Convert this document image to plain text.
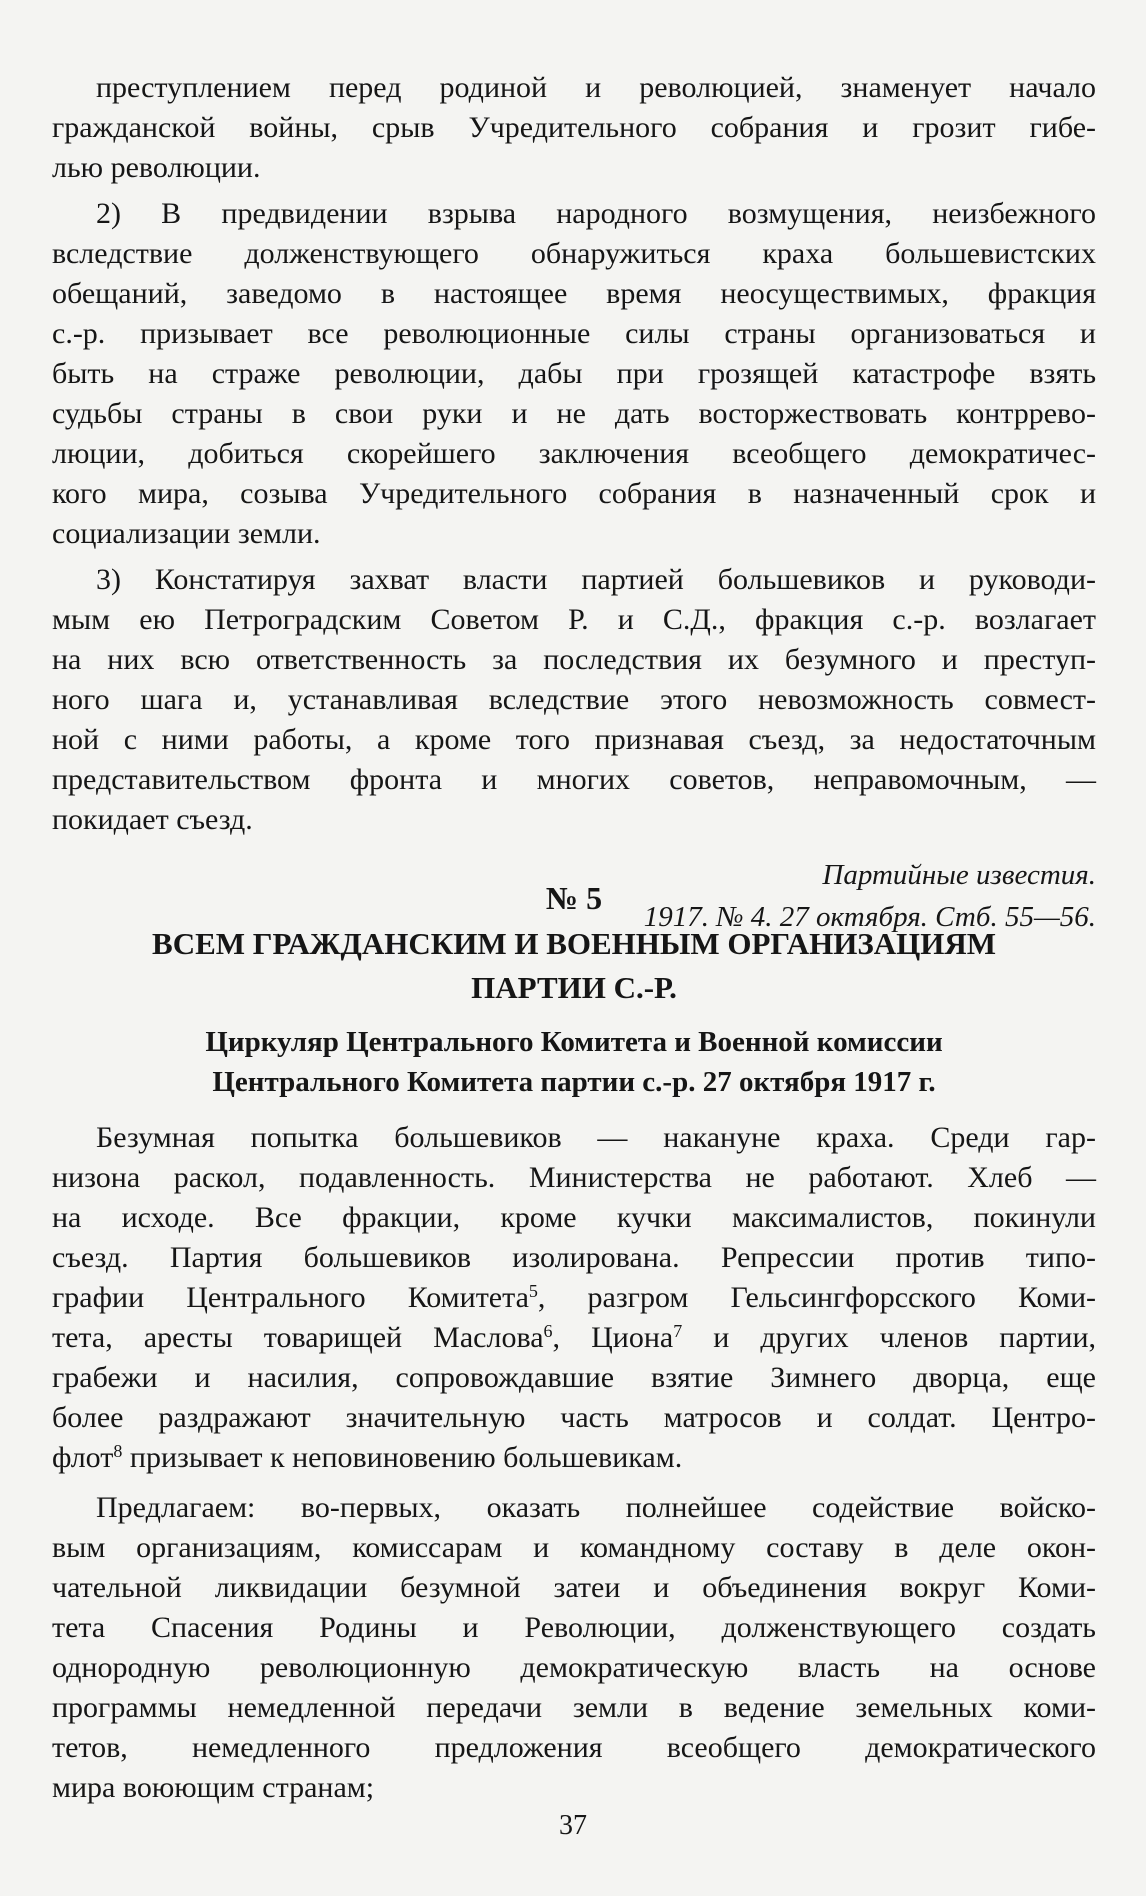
преступлением перед родиной и революцией, знаменует начало
гражданской войны, срыв Учредительного собрания и грозит гибе-
лью революции.
2) В предвидении взрыва народного возмущения, неизбежного
вследствие долженствующего обнаружиться краха большевистских
обещаний, заведомо в настоящее время неосуществимых, фракция
с.-р. призывает все революционные силы страны организоваться и
быть на страже революции, дабы при грозящей катастрофе взять
судьбы страны в свои руки и не дать восторжествовать контррево-
люции, добиться скорейшего заключения всеобщего демократичес-
кого мира, созыва Учредительного собрания в назначенный срок и
социализации земли.
3) Констатируя захват власти партией большевиков и руководи-
мым ею Петроградским Советом Р. и С.Д., фракция с.-р. возлагает
на них всю ответственность за последствия их безумного и преступ-
ного шага и, устанавливая вследствие этого невозможность совмест-
ной с ними работы, а кроме того признавая съезд, за недостаточным
представительством фронта и многих советов, неправомочным, —
покидает съезд.
Партийные известия.
1917. № 4. 27 октября. Стб. 55—56.
№ 5
ВСЕМ ГРАЖДАНСКИМ И ВОЕННЫМ ОРГАНИЗАЦИЯМ
ПАРТИИ С.-Р.
Циркуляр Центрального Комитета и Военной комиссии
Центрального Комитета партии с.-р. 27 октября 1917 г.
Безумная попытка большевиков — накануне краха. Среди гар-
низона раскол, подавленность. Министерства не работают. Хлеб —
на исходе. Все фракции, кроме кучки максималистов, покинули
съезд. Партия большевиков изолирована. Репрессии против типо-
графии Центрального Комитета$^5$, разгром Гельсингфорсского Коми-
тета, аресты товарищей Маслова$^6$, Циона$^7$ и других членов партии,
грабежи и насилия, сопровождавшие взятие Зимнего дворца, еще
более раздражают значительную часть матросов и солдат. Центро-
флот$^8$ призывает к неповиновению большевикам.
Предлагаем: во-первых, оказать полнейшее содействие войско-
вым организациям, комиссарам и командному составу в деле окон-
чательной ликвидации безумной затеи и объединения вокруг Коми-
тета Спасения Родины и Революции, долженствующего создать
однородную революционную демократическую власть на основе
программы немедленной передачи земли в ведение земельных коми-
тетов, немедленного предложения всеобщего демократического
мира воюющим странам;
37
